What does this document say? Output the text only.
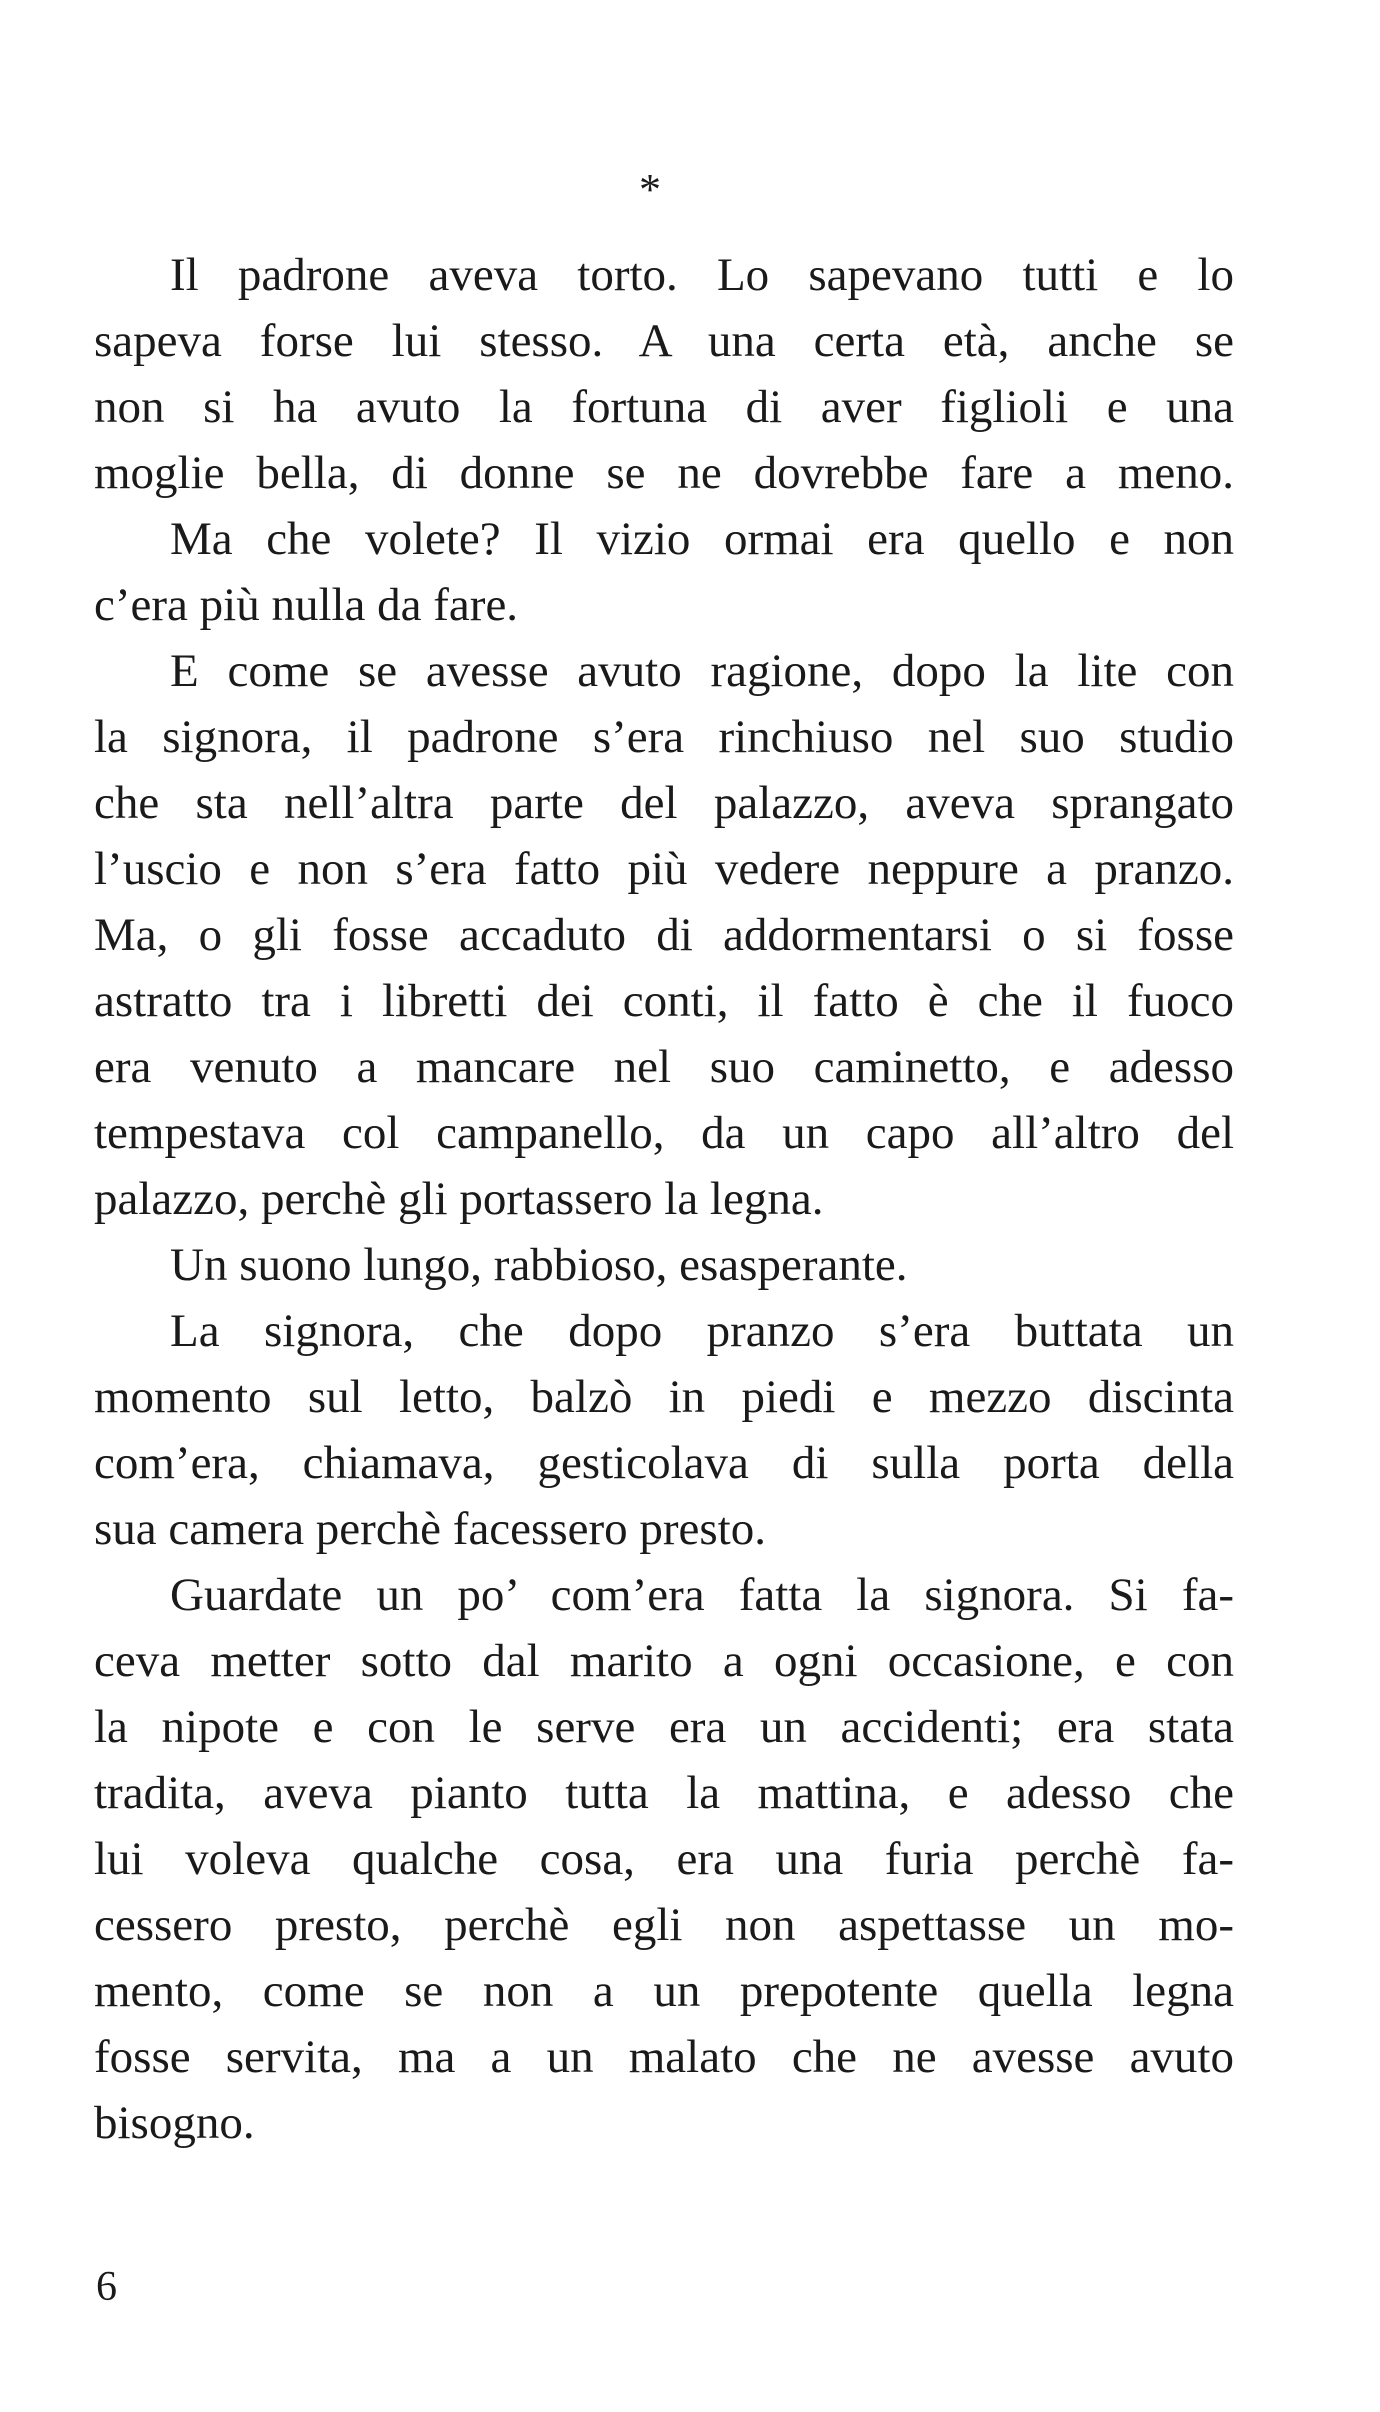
*
Il padrone aveva torto. Lo sapevano tutti e lo
sapeva forse lui stesso. A una certa età, anche se
non si ha avuto la fortuna di aver figlioli e una
moglie bella, di donne se ne dovrebbe fare a meno.
Ma che volete? Il vizio ormai era quello e non
c’era più nulla da fare.
E come se avesse avuto ragione, dopo la lite con
la signora, il padrone s’era rinchiuso nel suo studio
che sta nell’altra parte del palazzo, aveva sprangato
l’uscio e non s’era fatto più vedere neppure a pranzo.
Ma, o gli fosse accaduto di addormentarsi o si fosse
astratto tra i libretti dei conti, il fatto è che il fuoco
era venuto a mancare nel suo caminetto, e adesso
tempestava col campanello, da un capo all’altro del
palazzo, perchè gli portassero la legna.
Un suono lungo, rabbioso, esasperante.
La signora, che dopo pranzo s’era buttata un
momento sul letto, balzò in piedi e mezzo discinta
com’era, chiamava, gesticolava di sulla porta della
sua camera perchè facessero presto.
Guardate un po’ com’era fatta la signora. Si fa-
ceva metter sotto dal marito a ogni occasione, e con
la nipote e con le serve era un accidenti; era stata
tradita, aveva pianto tutta la mattina, e adesso che
lui voleva qualche cosa, era una furia perchè fa-
cessero presto, perchè egli non aspettasse un mo-
mento, come se non a un prepotente quella legna
fosse servita, ma a un malato che ne avesse avuto
bisogno.
6
